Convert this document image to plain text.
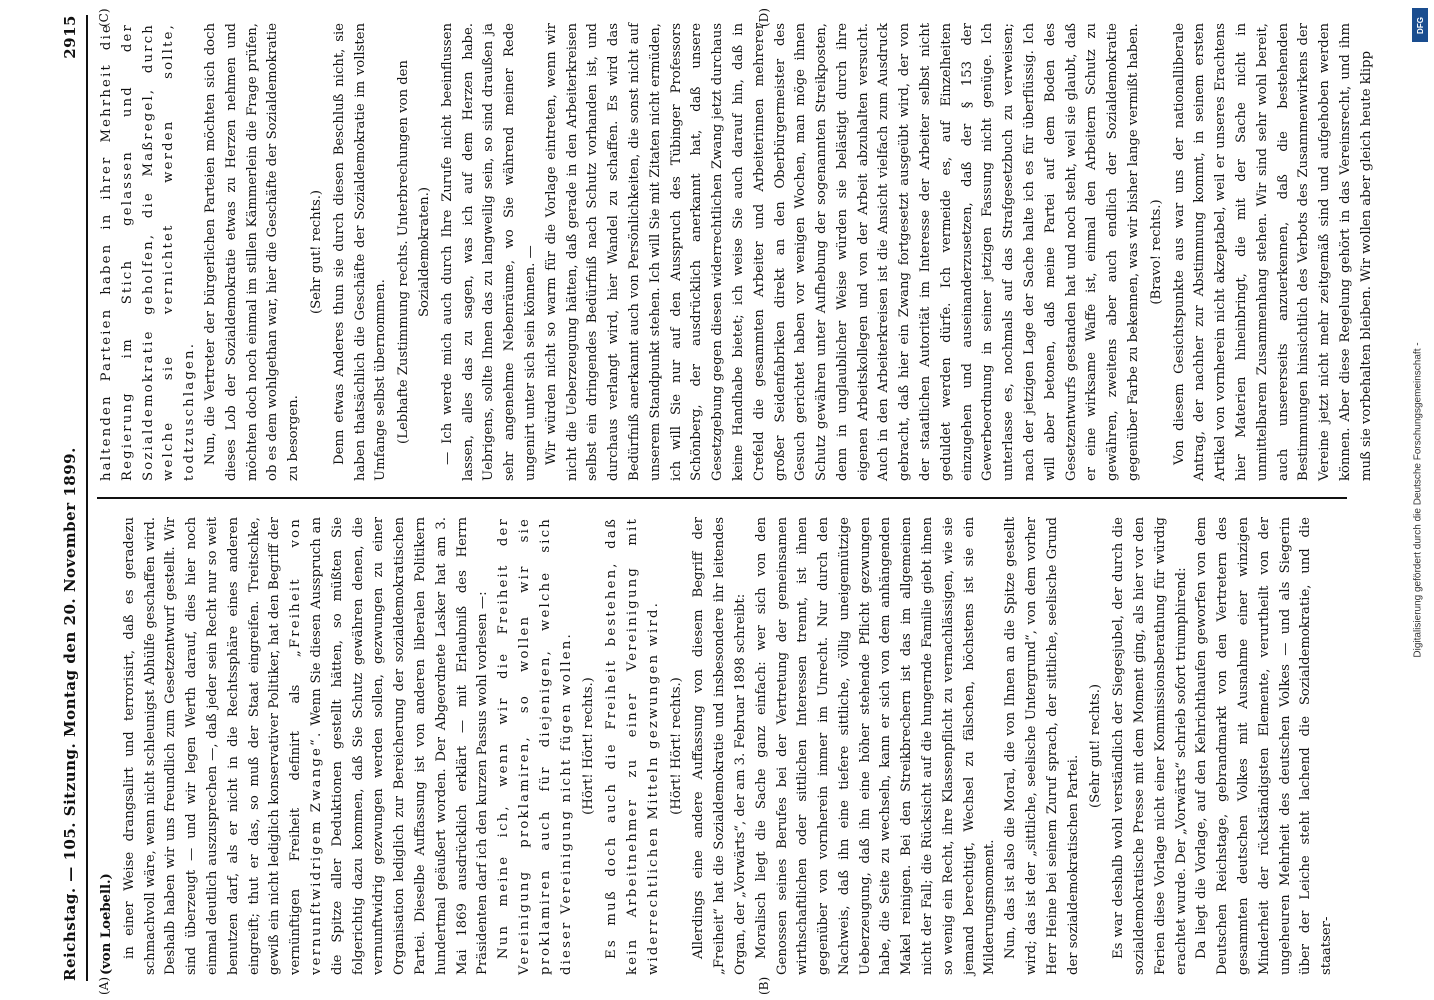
Reichstag. — 105. Sitzung. Montag den 20. November 1899.
2915
(A)	(B)
(C)	(D)
(von Loebell.) in einer Weise drangsalirt und terrorisirt, daß es geradezu schmachvoll wäre, wenn nicht schleunigst Abhülfe geschaffen wird. Deshalb haben wir uns freundlich zum Gesetzentwurf gestellt. Wir sind überzeugt — und wir legen Werth darauf, dies hier noch einmal deutlich auszusprechen —, daß jeder sein Recht nur so weit benutzen darf, als er nicht in die Rechtssphäre eines anderen eingreift; thut er das, so muß der Staat eingreifen. Treitschke, gewiß ein nicht lediglich konservativer Politiker, hat den Begriff der vernünftigen Freiheit definirt als „Freiheit von vernunftwidrigem Zwange“. Wenn Sie diesen Ausspruch an die Spitze aller Deduktionen gestellt hätten, so müßten Sie folgerichtig dazu kommen, daß Sie Schutz gewähren denen, die vernunftwidrig gezwungen werden sollen, gezwungen zu einer Organisation lediglich zur Bereicherung der sozialdemokratischen Partei. Dieselbe Auffassung ist von anderen liberalen Politikern hundertmal geäußert worden. Der Abgeordnete Lasker hat am 3. Mai 1869 ausdrücklich erklärt — mit Erlaubniß des Herrn Präsidenten darf ich den kurzen Passus wohl vorlesen —: Nun meine ich, wenn wir die Freiheit der Vereinigung proklamiren, so wollen wir sie proklamiren auch für diejenigen, welche sich dieser Vereinigung nicht fügen wollen. (Hört! Hört! rechts.) Es muß doch auch die Freiheit bestehen, daß kein Arbeitnehmer zu einer Vereinigung mit widerrechtlichen Mitteln gezwungen wird. (Hört! Hört! rechts.) Allerdings eine andere Auffassung von diesem Begriff der „Freiheit“ hat die Sozialdemokratie und insbesondere ihr leitendes Organ, der „Vorwärts“, der am 3. Februar 1898 schreibt: Moralisch liegt die Sache ganz einfach: wer sich von den Genossen seines Berufes bei der Vertretung der gemeinsamen wirthschaftlichen oder sittlichen Interessen trennt, ist ihnen gegenüber von vornherein immer im Unrecht. Nur durch den Nachweis, daß ihn eine tiefere sittliche, völlig uneigennützige Ueberzeugung, daß ihn eine höher stehende Pflicht gezwungen habe, die Seite zu wechseln, kann er sich von dem anhängenden Makel reinigen. Bei den Streikbrechern ist das im allgemeinen nicht der Fall; die Rücksicht auf die hungernde Familie giebt ihnen so wenig ein Recht, ihre Klassenpflicht zu vernachlässigen, wie sie jemand berechtigt, Wechsel zu fälschen, höchstens ist sie ein Milderungsmoment. Nun, das ist also die Moral, die von Ihnen an die Spitze gestellt wird; das ist der „sittliche, seelische Untergrund“, von dem vorher Herr Heine bei seinem Zuruf sprach, der sittliche, seelische Grund der sozialdemokratischen Partei.
(Sehr gut! rechts.) Es war deshalb wohl verständlich der Siegesjubel, der durch die sozialdemokratische Presse mit dem Moment ging, als hier vor den Ferien diese Vorlage nicht einer Kommissionsberathung für würdig erachtet wurde. Der „Vorwärts“ schrieb sofort triumphirend: Da liegt die Vorlage, auf den Kehrichthaufen geworfen von dem Deutschen Reichstage, gebrandmarkt von den Vertretern des gesammten deutschen Volkes mit Ausnahme einer winzigen Minderheit der rückständigsten Elemente, verurtheilt von der ungeheuren Mehrheit des deutschen Volkes — und als Siegerin über der Leiche steht lachend die Sozialdemokratie, und die staatser-
haltenden Parteien haben in ihrer Mehrheit die Regierung im Stich gelassen und der Sozialdemokratie geholfen, die Maßregel, durch welche sie vernichtet werden sollte, todtzuschlagen. Nun, die Vertreter der bürgerlichen Parteien möchten sich doch dieses Lob der Sozialdemokratie etwas zu Herzen nehmen und möchten doch noch einmal im stillen Kämmerlein die Frage prüfen, ob es dem wohlgethan war, hier die Geschäfte der Sozialdemokratie zu besorgen.
(Sehr gut! rechts.) Denn etwas Anderes thun sie durch diesen Beschluß nicht, sie haben thatsächlich die Geschäfte der Sozialdemokratie im vollsten Umfange selbst übernommen. (Lebhafte Zustimmung rechts. Unterbrechungen von den Sozialdemokraten.) — Ich werde mich auch durch Ihre Zurufe nicht beeinflussen lassen, alles das zu sagen, was ich auf dem Herzen habe. Uebrigens, sollte Ihnen das zu langweilig sein, so sind draußen ja sehr angenehme Nebenräume, wo Sie während meiner Rede ungenirt unter sich sein können. — Wir würden nicht so warm für die Vorlage eintreten, wenn wir nicht die Ueberzeugung hätten, daß gerade in den Arbeiterkreisen selbst ein dringendes Bedürfniß nach Schutz vorhanden ist, und durchaus verlangt wird, hier Wandel zu schaffen. Es wird das Bedürfniß anerkannt auch von Persönlichkeiten, die sonst nicht auf unserem Standpunkt stehen. Ich will Sie mit Zitaten nicht ermüden, ich will Sie nur auf den Ausspruch des Tübinger Professors Schönberg, der ausdrücklich anerkannt hat, daß unsere Gesetzgebung gegen diesen widerrechtlichen Zwang jetzt durchaus keine Handhabe bietet; ich weise Sie auch darauf hin, daß in Crefeld die gesammten Arbeiter und Arbeiterinnen mehrerer großer Seidenfabriken direkt an den Oberbürgermeister des Gesuch gerichtet haben vor wenigen Wochen, man möge ihnen Schutz gewähren unter Aufhebung der sogenannten Streikposten, denn in unglaublicher Weise würden sie belästigt durch ihre eigenen Arbeitskollegen und von der Arbeit abzuhalten versucht. Auch in den Arbeiterkreisen ist die Ansicht vielfach zum Ausdruck gebracht, daß hier ein Zwang fortgesetzt ausgeübt wird, der von der staatlichen Autorität im Interesse der Arbeiter selbst nicht geduldet werden dürfe. Ich vermeide es, auf Einzelheiten einzugehen und auseinanderzusetzen, daß der § 153 der Gewerbeordnung in seiner jetzigen Fassung nicht genüge. Ich unterlasse es, nochmals auf das Strafgesetzbuch zu verweisen; nach der jetzigen Lage der Sache halte ich es für überflüssig. Ich will aber betonen, daß meine Partei auf dem Boden des Gesetzentwurfs gestanden hat und noch steht, weil sie glaubt, daß er eine wirksame Waffe ist, einmal den Arbeitern Schutz zu gewähren, zweitens aber auch endlich der Sozialdemokratie gegenüber Farbe zu bekennen, was wir bisher lange vermißt haben. (Bravo! rechts.) Von diesem Gesichtspunkte aus war uns der nationalliberale Antrag, der nachher zur Abstimmung kommt, in seinem ersten Artikel von vornherein nicht akzeptabel, weil er unseres Erachtens hier Materien hineinbringt, die mit der Sache nicht in unmittelbarem Zusammenhang stehen. Wir sind sehr wohl bereit, auch unsererseits anzuerkennen, daß die bestehenden Bestimmungen hinsichtlich des Verbots des Zusammenwirkens der Vereine jetzt nicht mehr zeitgemäß sind und aufgehoben werden können. Aber diese Regelung gehört in das Vereinsrecht, und ihm muß sie vorbehalten bleiben. Wir wollen aber gleich heute klipp
DFG
Digitalisierung gefördert durch die Deutsche Forschungsgemeinschaft -
